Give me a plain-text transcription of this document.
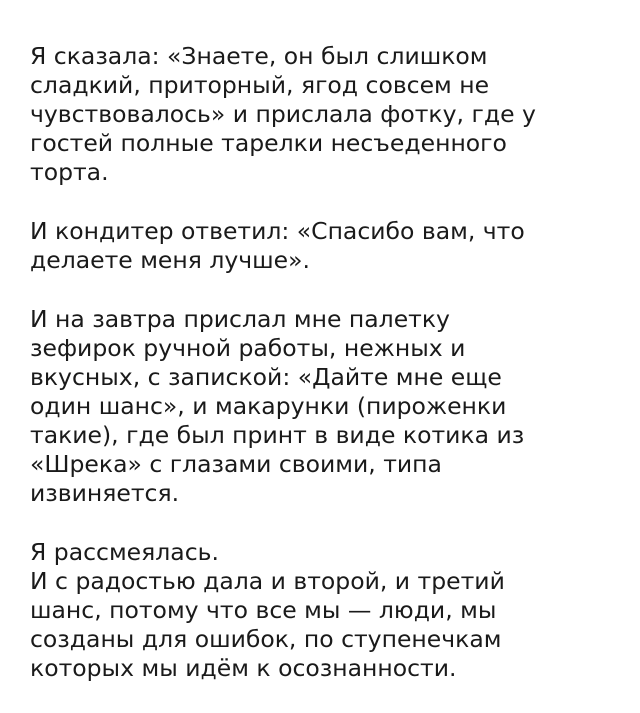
Я сказала: «Знаете, он был слишком
сладкий, приторный, ягод совсем не
чувствовалось» и прислала фотку, где у
гостей полные тарелки несъеденного
торта.

И кондитер ответил: «Спасибо вам, что
делаете меня лучше».

И на завтра прислал мне палетку
зефирок ручной работы, нежных и
вкусных, с запиской: «Дайте мне еще
один шанс», и макарунки (пироженки
такие), где был принт в виде котика из
«Шрека» с глазами своими, типа
извиняется.

Я рассмеялась.
И с радостью дала и второй, и третий
шанс, потому что все мы — люди, мы
созданы для ошибок, по ступенечкам
которых мы идём к осознанности.
